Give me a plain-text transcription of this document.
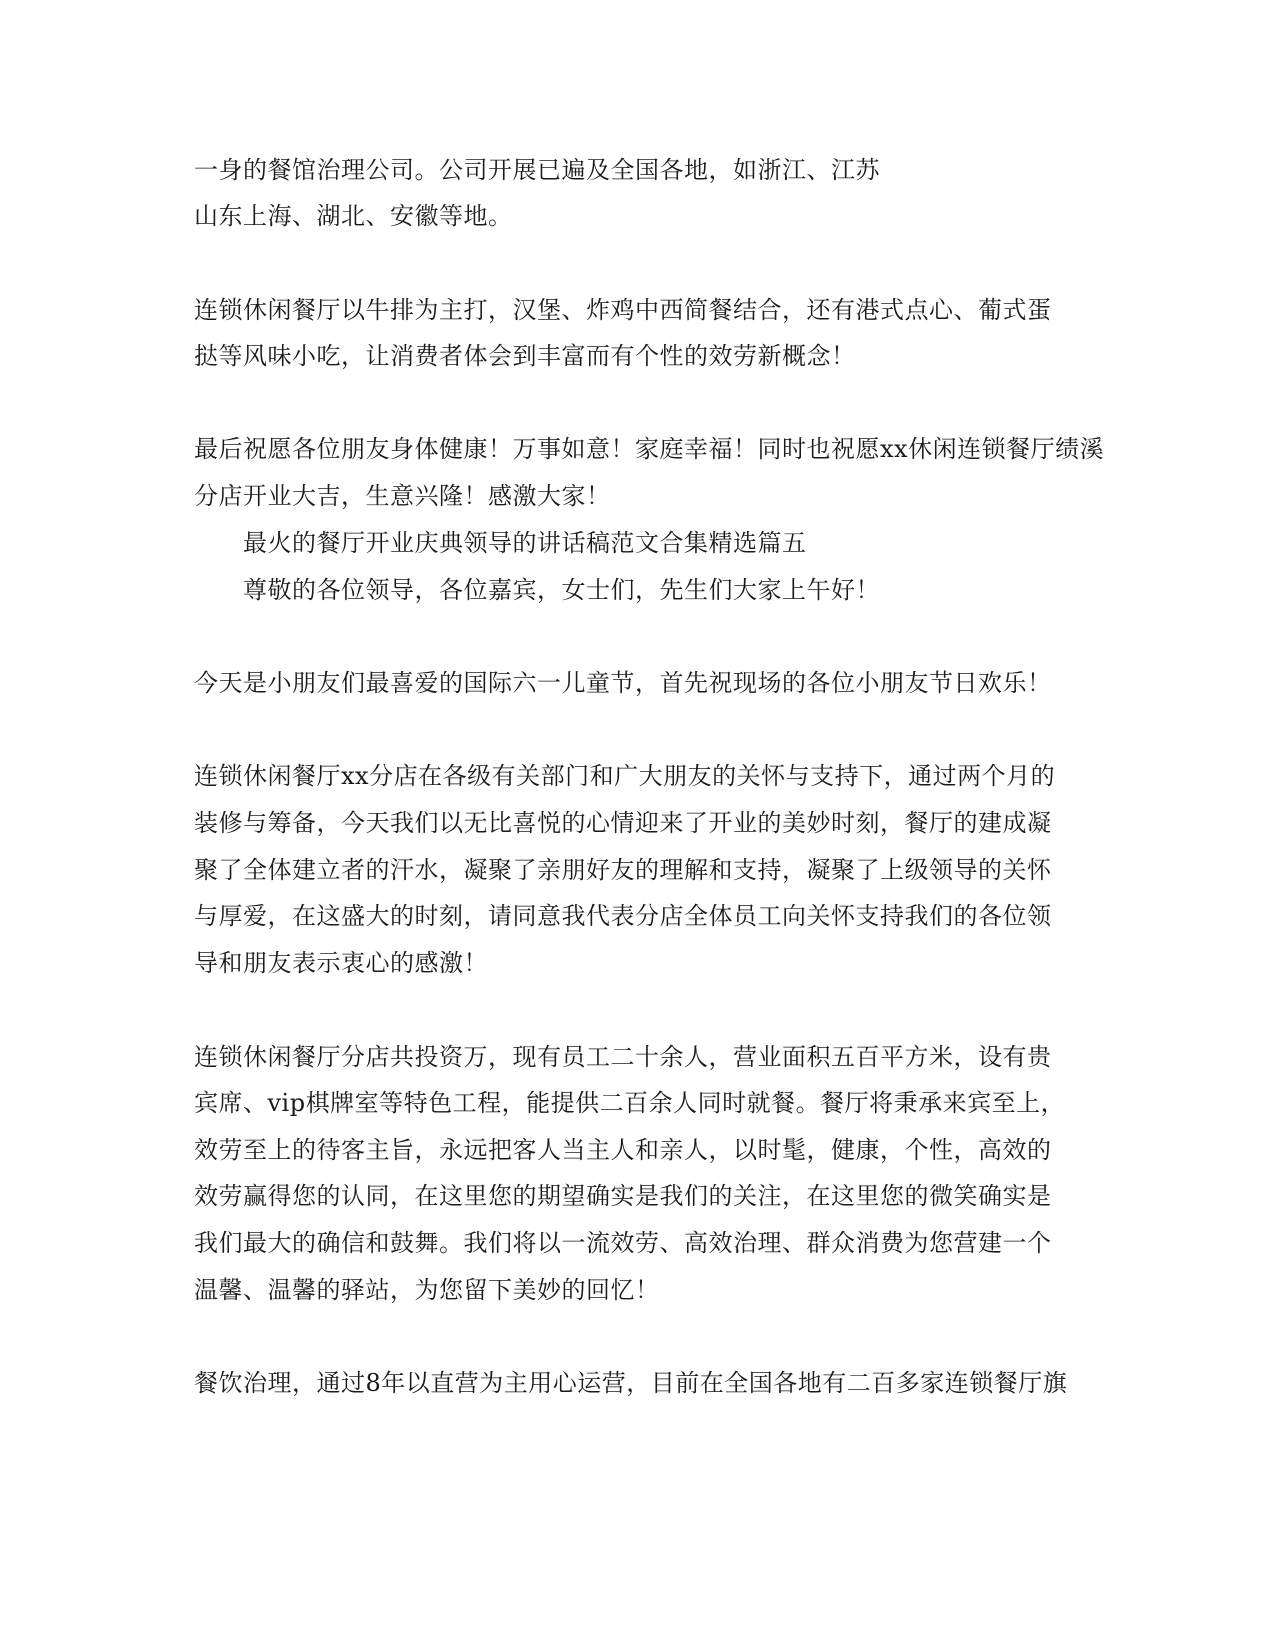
一身的餐馆治理公司。公司开展已遍及全国各地，如浙江、江苏
山东上海、湖北、安徽等地。
连锁休闲餐厅以牛排为主打，汉堡、炸鸡中西简餐结合，还有港式点心、葡式蛋
挞等风味小吃，让消费者体会到丰富而有个性的效劳新概念！
最后祝愿各位朋友身体健康！万事如意！家庭幸福！同时也祝愿xx休闲连锁餐厅绩溪
分店开业大吉，生意兴隆！感激大家！
最火的餐厅开业庆典领导的讲话稿范文合集精选篇五
尊敬的各位领导，各位嘉宾，女士们，先生们大家上午好！
今天是小朋友们最喜爱的国际六一儿童节，首先祝现场的各位小朋友节日欢乐！
连锁休闲餐厅xx分店在各级有关部门和广大朋友的关怀与支持下，通过两个月的
装修与筹备，今天我们以无比喜悦的心情迎来了开业的美妙时刻，餐厅的建成凝
聚了全体建立者的汗水，凝聚了亲朋好友的理解和支持，凝聚了上级领导的关怀
与厚爱，在这盛大的时刻，请同意我代表分店全体员工向关怀支持我们的各位领
导和朋友表示衷心的感激！
连锁休闲餐厅分店共投资万，现有员工二十余人，营业面积五百平方米，设有贵
宾席、vip棋牌室等特色工程，能提供二百余人同时就餐。餐厅将秉承来宾至上，
效劳至上的待客主旨，永远把客人当主人和亲人，以时髦，健康，个性，高效的
效劳赢得您的认同，在这里您的期望确实是我们的关注，在这里您的微笑确实是
我们最大的确信和鼓舞。我们将以一流效劳、高效治理、群众消费为您营建一个
温馨、温馨的驿站，为您留下美妙的回忆！
餐饮治理，通过8年以直营为主用心运营，目前在全国各地有二百多家连锁餐厅旗
